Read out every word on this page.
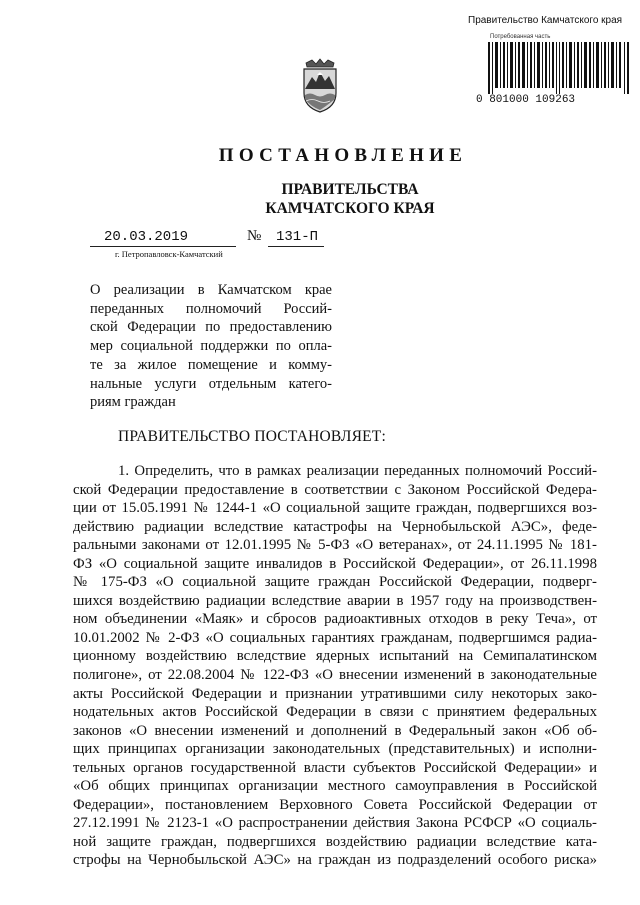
Правительство Камчатского края
Потребованная часть
0 801000 109263
ПОСТАНОВЛЕНИЕ
ПРАВИТЕЛЬСТВА
КАМЧАТСКОГО КРАЯ
20.03.2019	№ 131-П
г. Петропавловск-Камчатский
О реализации в Камчатском крае
переданных полномочий Россий-
ской Федерации по предоставлению
мер социальной поддержки по опла-
те за жилое помещение и комму-
нальные услуги отдельным катего-
риям граждан
ПРАВИТЕЛЬСТВО ПОСТАНОВЛЯЕТ:
1. Определить, что в рамках реализации переданных полномочий Россий-
ской Федерации предоставление в соответствии с Законом Российской Федера-
ции от 15.05.1991 № 1244-1 «О социальной защите граждан, подвергшихся воз-
действию радиации вследствие катастрофы на Чернобыльской АЭС», феде-
ральными законами от 12.01.1995 № 5-ФЗ «О ветеранах», от 24.11.1995 № 181-
ФЗ «О социальной защите инвалидов в Российской Федерации», от 26.11.1998
№ 175-ФЗ «О социальной защите граждан Российской Федерации, подверг-
шихся воздействию радиации вследствие аварии в 1957 году на производствен-
ном объединении «Маяк» и сбросов радиоактивных отходов в реку Теча», от
10.01.2002 № 2-ФЗ «О социальных гарантиях гражданам, подвергшимся радиа-
ционному воздействию вследствие ядерных испытаний на Семипалатинском
полигоне», от 22.08.2004 № 122-ФЗ «О внесении изменений в законодательные
акты Российской Федерации и признании утратившими силу некоторых зако-
нодательных актов Российской Федерации в связи с принятием федеральных
законов «О внесении изменений и дополнений в Федеральный закон «Об об-
щих принципах организации законодательных (представительных) и исполни-
тельных органов государственной власти субъектов Российской Федерации» и
«Об общих принципах организации местного самоуправления в Российской
Федерации», постановлением Верховного Совета Российской Федерации от
27.12.1991 № 2123-1 «О распространении действия Закона РСФСР «О социаль-
ной защите граждан, подвергшихся воздействию радиации вследствие ката-
строфы на Чернобыльской АЭС» на граждан из подразделений особого риска»
